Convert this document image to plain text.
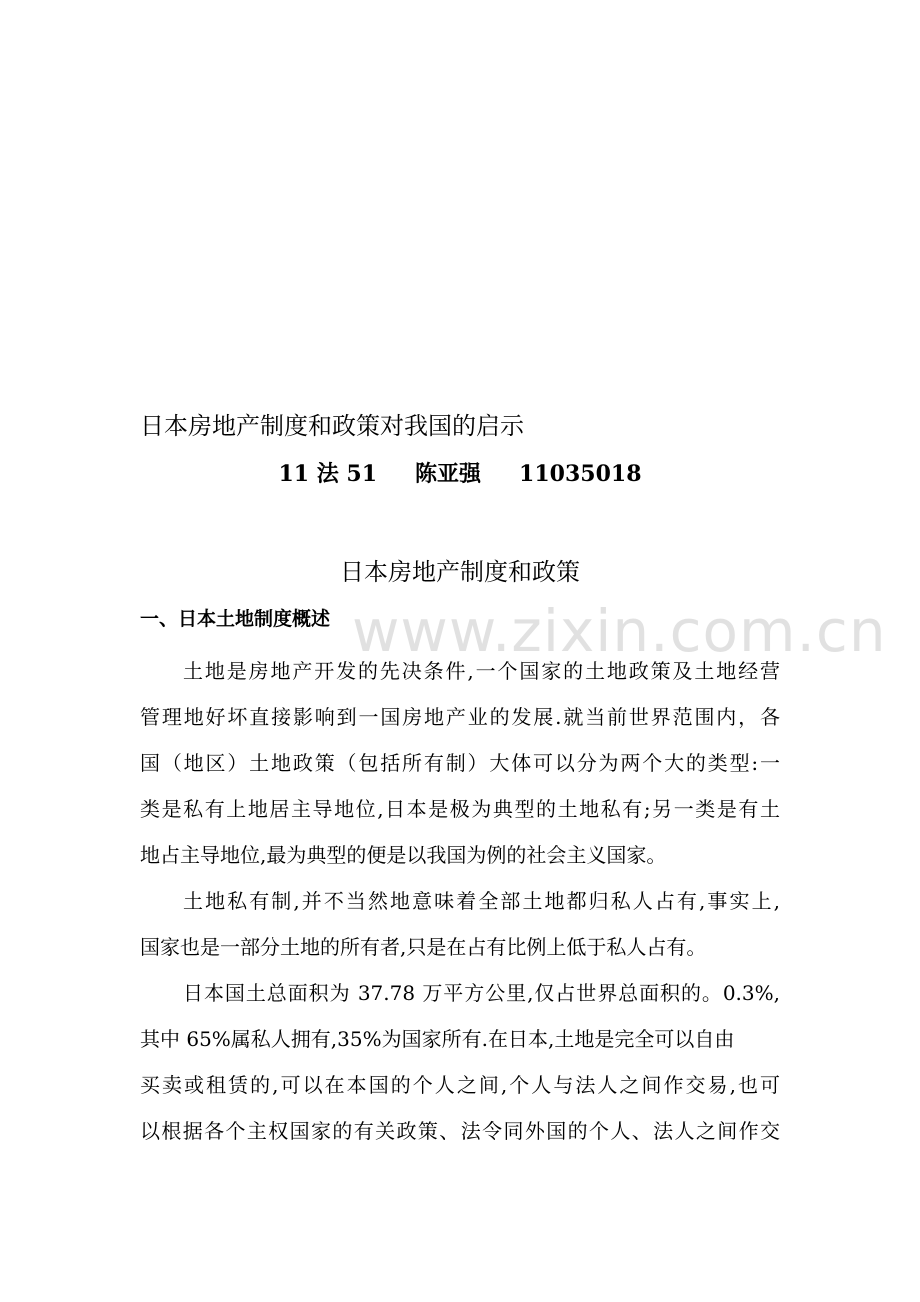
www.zixin.com.cn
日本房地产制度和政策对我国的启示
11 法 51 陈亚强 11035018
日本房地产制度和政策
一、日本土地制度概述
土地是房地产开发的先决条件,一个国家的土地政策及土地经营
管理地好坏直接影响到一国房地产业的发展.就当前世界范围内，各
国（地区）土地政策（包括所有制）大体可以分为两个大的类型:一
类是私有上地居主导地位,日本是极为典型的土地私有;另一类是有土
地占主导地位,最为典型的便是以我国为例的社会主义国家。
土地私有制,并不当然地意味着全部土地都归私人占有,事实上,
国家也是一部分土地的所有者,只是在占有比例上低于私人占有。
日本国土总面积为 37.78 万平方公里,仅占世界总面积的。0.3%,
其中 65%属私人拥有,35%为国家所有.在日本,土地是完全可以自由
买卖或租赁的,可以在本国的个人之间,个人与法人之间作交易,也可
以根据各个主权国家的有关政策、法令同外国的个人、法人之间作交
